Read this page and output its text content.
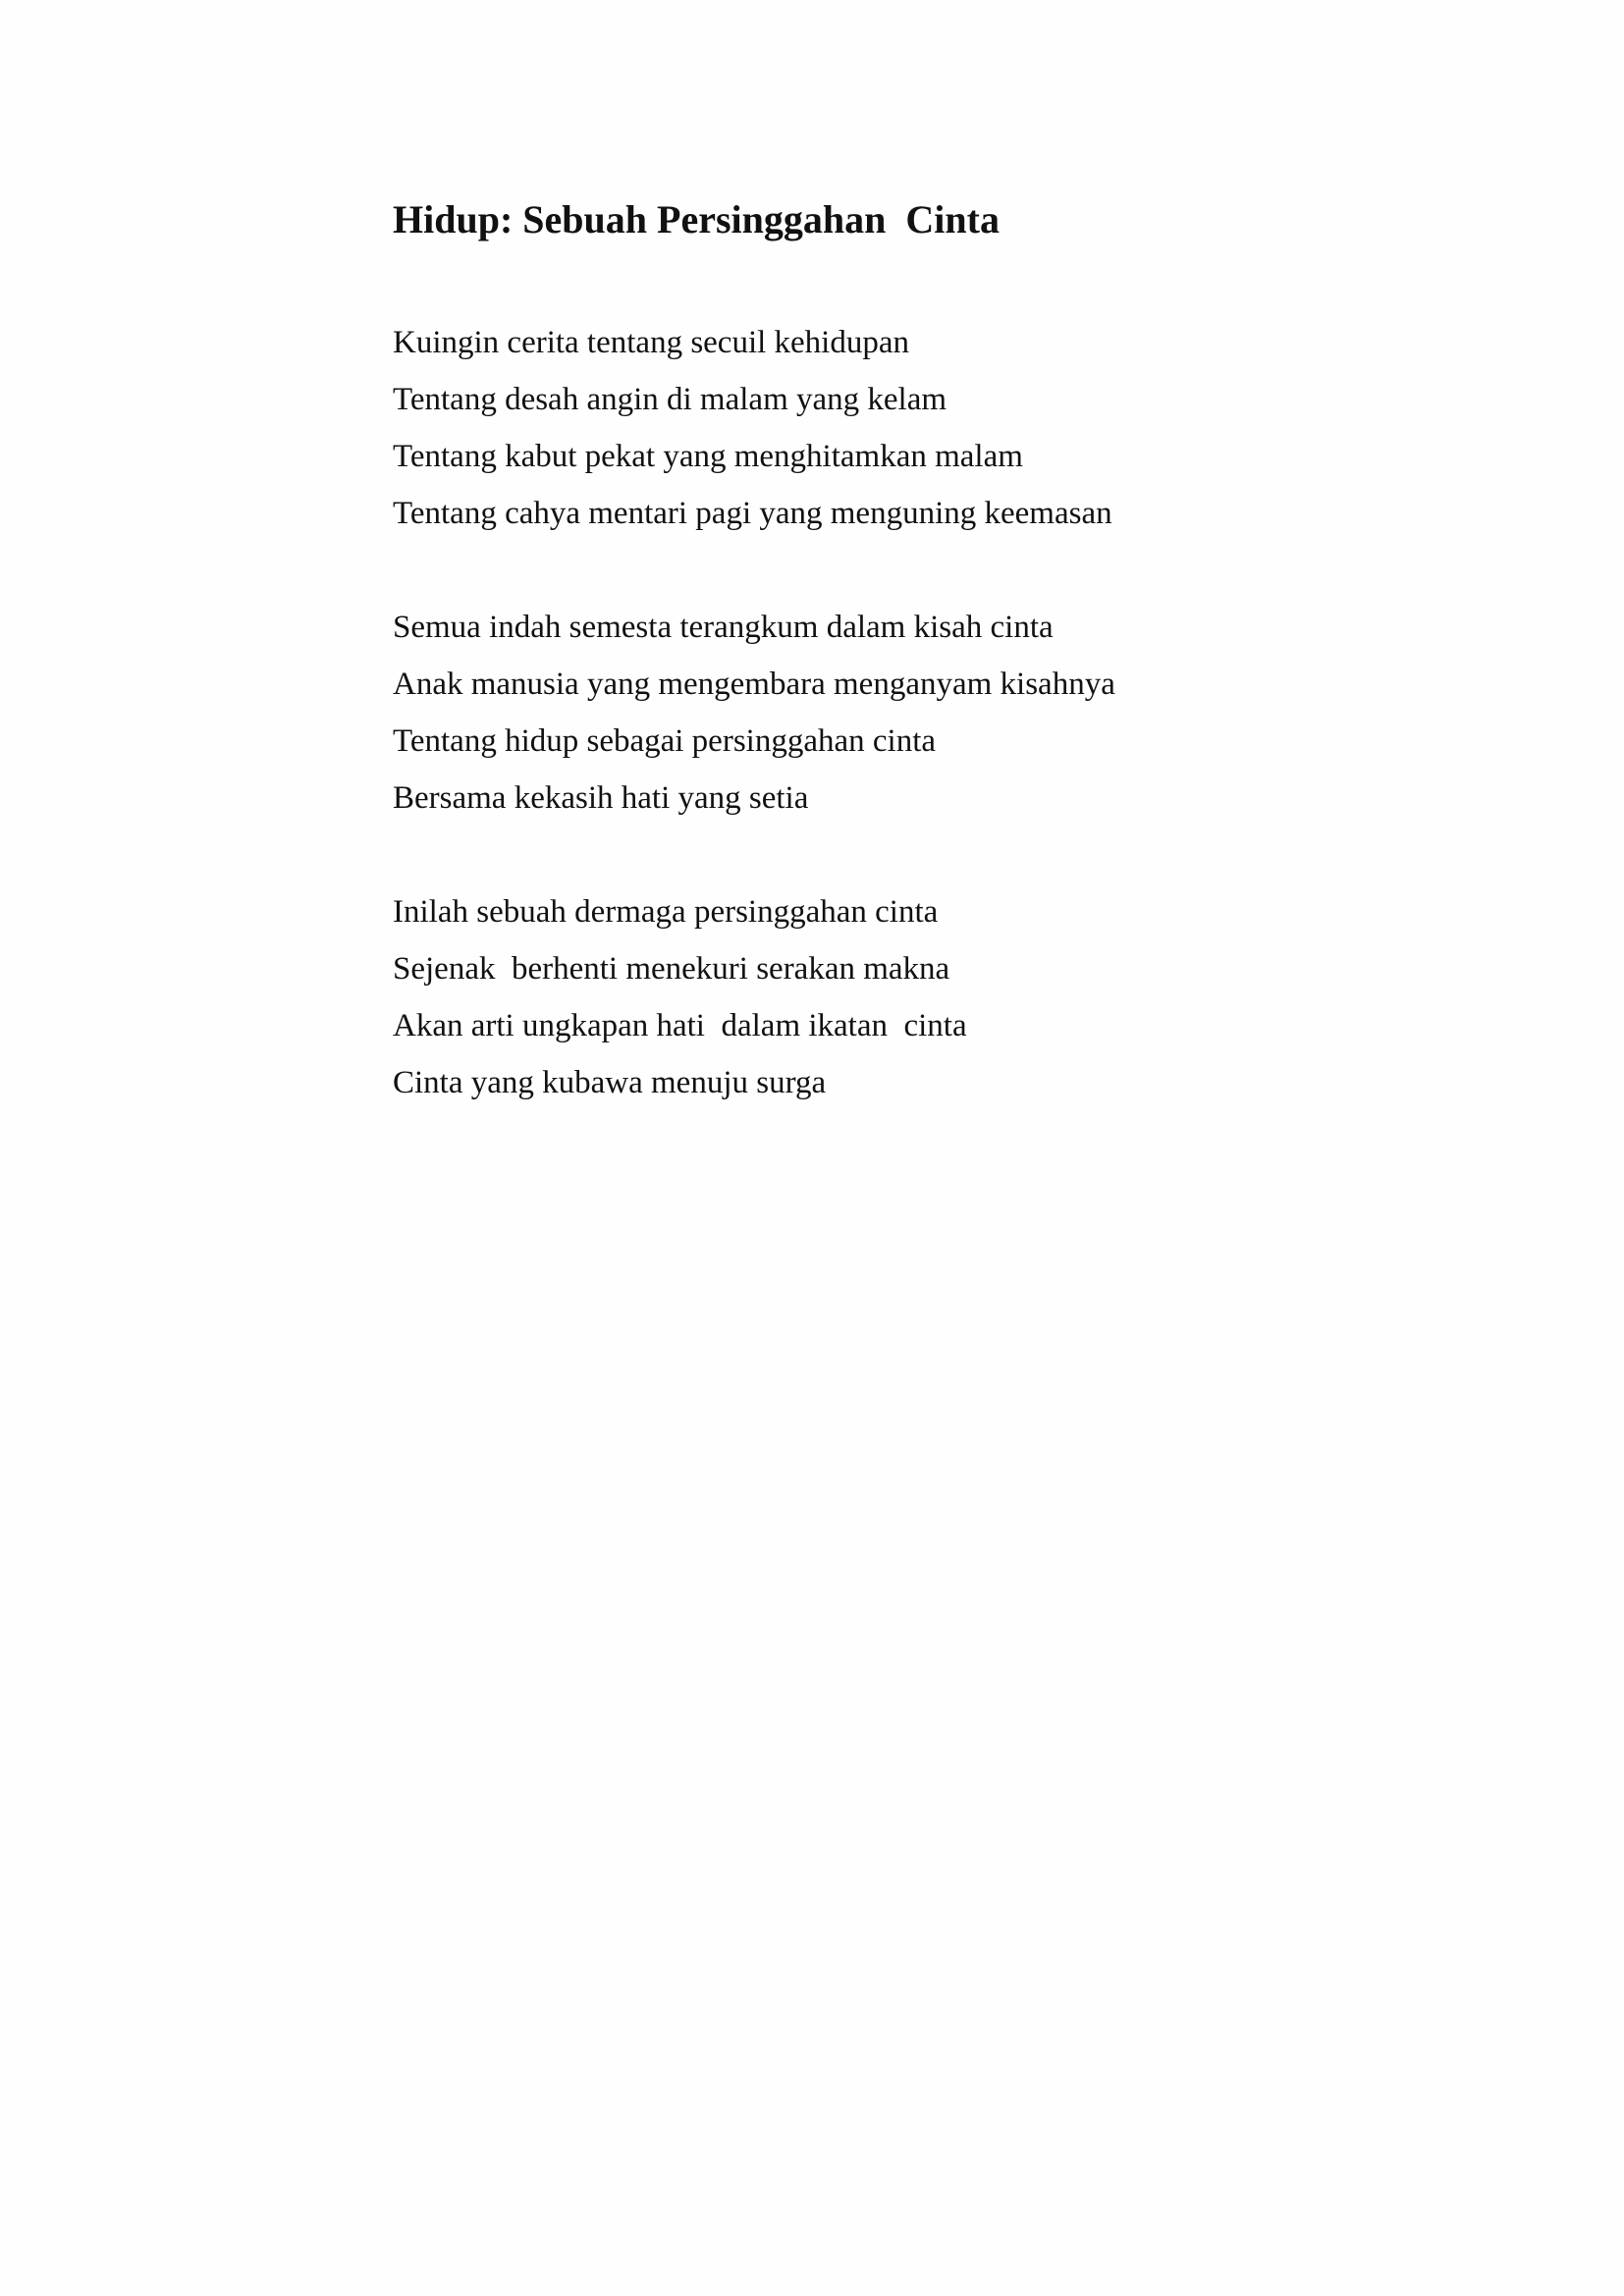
Hidup: Sebuah Persinggahan  Cinta
Kuingin cerita tentang secuil kehidupan
Tentang desah angin di malam yang kelam
Tentang kabut pekat yang menghitamkan malam
Tentang cahya mentari pagi yang menguning keemasan
Semua indah semesta terangkum dalam kisah cinta
Anak manusia yang mengembara menganyam kisahnya
Tentang hidup sebagai persinggahan cinta
Bersama kekasih hati yang setia
Inilah sebuah dermaga persinggahan cinta
Sejenak  berhenti menekuri serakan makna
Akan arti ungkapan hati  dalam ikatan  cinta
Cinta yang kubawa menuju surga
